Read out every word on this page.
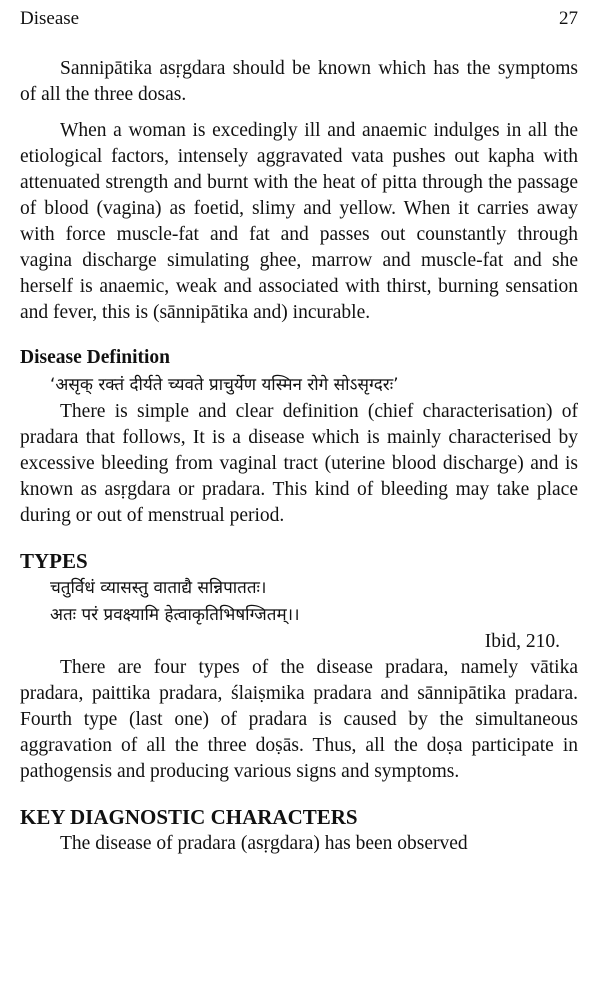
Disease	27

Sannipātika asṛgdara should be known which has the symptoms of all the three dosas.

When a woman is excedingly ill and anaemic indulges in all the etiological factors, intensely aggravated vata pushes out kapha with attenuated strength and burnt with the heat of pitta through the passage of blood (vagina) as foetid, slimy and yellow. When it carries away with force muscle-fat and fat and passes out counstantly through vagina discharge simulating ghee, marrow and muscle-fat and she herself is anaemic, weak and associated with thirst, burning sensation and fever, this is (sānnipātika and) incurable.

Disease Definition
‘असृक् रक्तं दीर्यते च्यवते प्राचुर्येण यस्मिन रोगे सोऽसृग्दरः’

There is simple and clear definition (chief characterisation) of pradara that follows, It is a disease which is mainly characterised by excessive bleeding from vaginal tract (uterine blood discharge) and is known as asṛgdara or pradara. This kind of bleeding may take place during or out of menstrual period.

TYPES
चतुर्विधं व्यासस्तु वाताद्यै सन्निपाततः।
अतः परं प्रवक्ष्यामि हेत्वाकृतिभिषग्जितम्।।
Ibid, 210.

There are four types of the disease pradara, namely vātika pradara, paittika pradara, ślaiṣmika pradara and sānnipātika pradara. Fourth type (last one) of pradara is caused by the simultaneous aggravation of all the three doṣās. Thus, all the doṣa participate in pathogensis and producing various signs and symptoms.

KEY DIAGNOSTIC CHARACTERS

The disease of pradara (asṛgdara) has been observed
